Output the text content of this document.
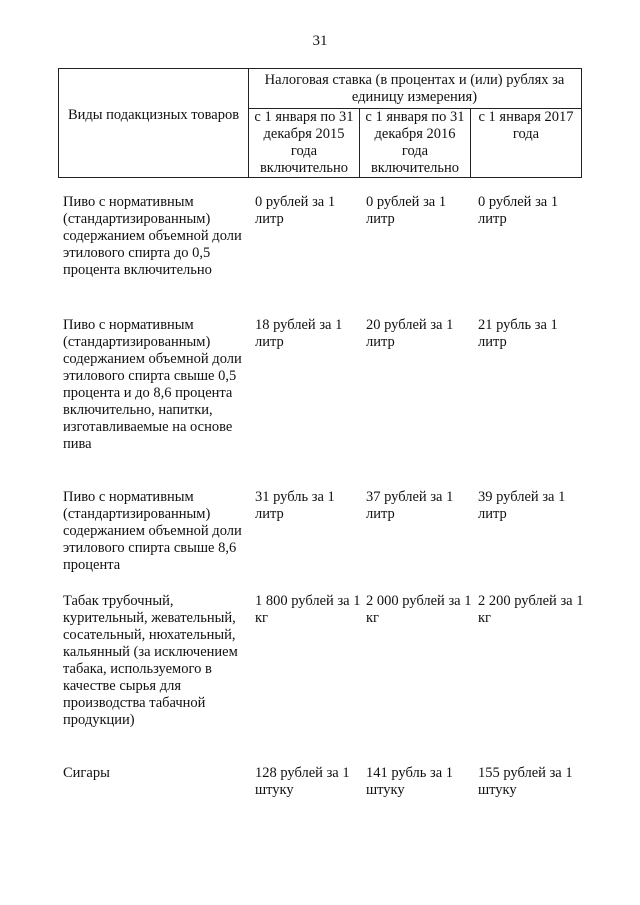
31
Виды подакцизных товаров
Налоговая ставка (в процентах и (или) рублях за единицу измерения)
с 1 января по 31 декабря 2015 года включительно
с 1 января по 31 декабря 2016 года включительно
с 1 января 2017 года
Пиво с нормативным (стандартизированным) содержанием объемной доли этилового спирта до 0,5 процента включительно
0 рублей за 1 литр
0 рублей за 1 литр
0 рублей за 1 литр
Пиво с нормативным (стандартизированным) содержанием объемной доли этилового спирта свыше 0,5 процента и до 8,6 процента включительно, напитки, изготавливаемые на основе пива
18 рублей за 1 литр
20 рублей за 1 литр
21 рубль за 1 литр
Пиво с нормативным (стандартизированным) содержанием объемной доли этилового спирта свыше 8,6 процента
31 рубль за 1 литр
37 рублей за 1 литр
39 рублей за 1 литр
Табак трубочный, курительный, жевательный, сосательный, нюхательный, кальянный (за исключением табака, используемого в качестве сырья для производства табачной продукции)
1 800 рублей за 1 кг
2 000 рублей за 1 кг
2 200 рублей за 1 кг
Сигары	128 рублей за 1 штуку
141 рубль за 1 штуку
155 рублей за 1 штуку
